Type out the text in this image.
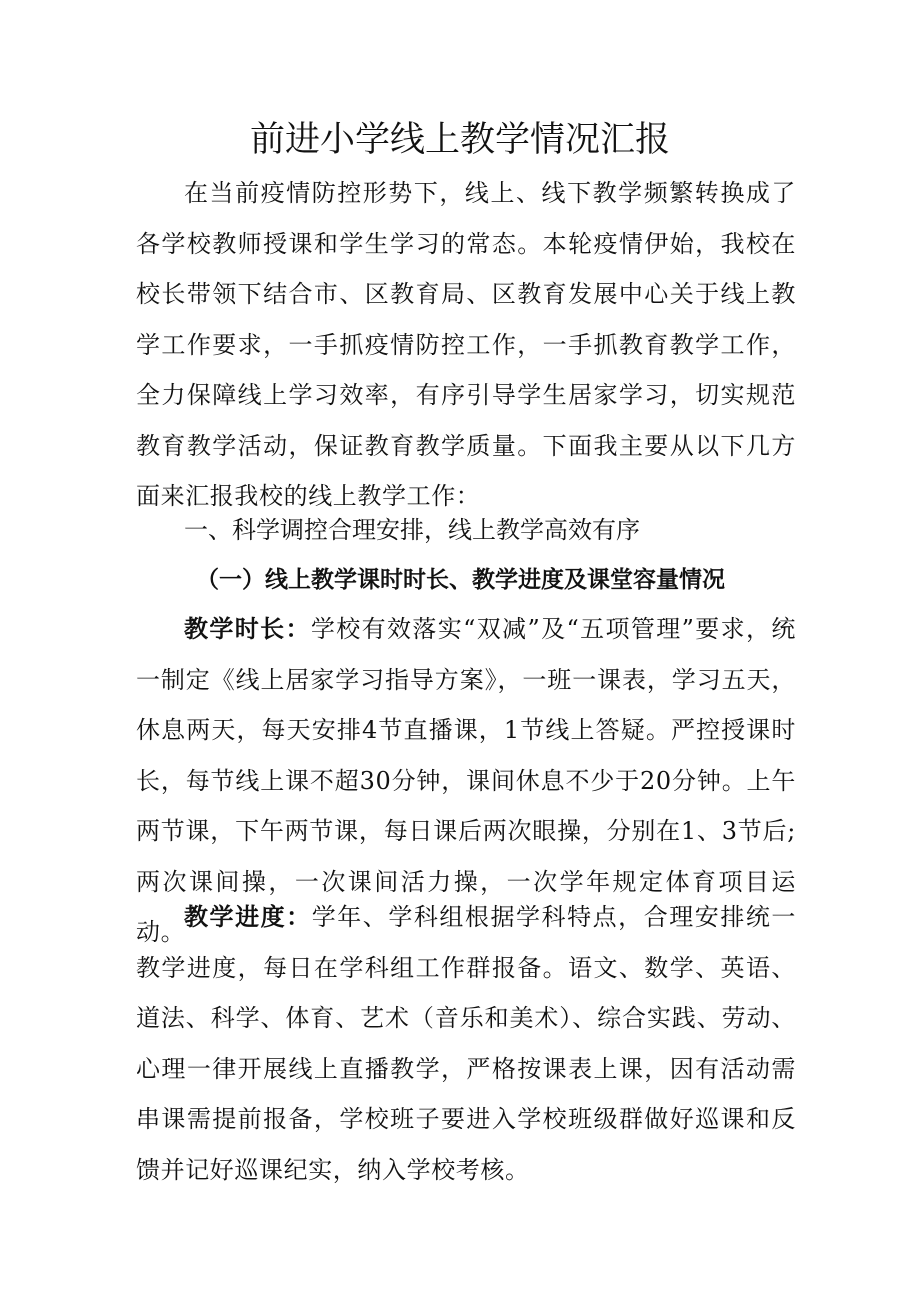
前进小学线上教学情况汇报
在当前疫情防控形势下，线上、线下教学频繁转换成了各学校教师授课和学生学习的常态。本轮疫情伊始，我校在校长带领下结合市、区教育局、区教育发展中心关于线上教学工作要求，一手抓疫情防控工作，一手抓教育教学工作，全力保障线上学习效率，有序引导学生居家学习，切实规范教育教学活动，保证教育教学质量。下面我主要从以下几方面来汇报我校的线上教学工作：
一、科学调控合理安排，线上教学高效有序
（一）线上教学课时时长、教学进度及课堂容量情况
教学时长：学校有效落实“双减”及“五项管理”要求，统一制定《线上居家学习指导方案》，一班一课表，学习五天，休息两天，每天安排4节直播课，1节线上答疑。严控授课时长，每节线上课不超30分钟，课间休息不少于20分钟。上午两节课，下午两节课，每日课后两次眼操，分别在1、3节后;两次课间操，一次课间活力操，一次学年规定体育项目运动。
教学进度：学年、学科组根据学科特点，合理安排统一教学进度，每日在学科组工作群报备。语文、数学、英语、道法、科学、体育、艺术（音乐和美术）、综合实践、劳动、心理一律开展线上直播教学，严格按课表上课，因有活动需串课需提前报备，学校班子要进入学校班级群做好巡课和反馈并记好巡课纪实，纳入学校考核。
